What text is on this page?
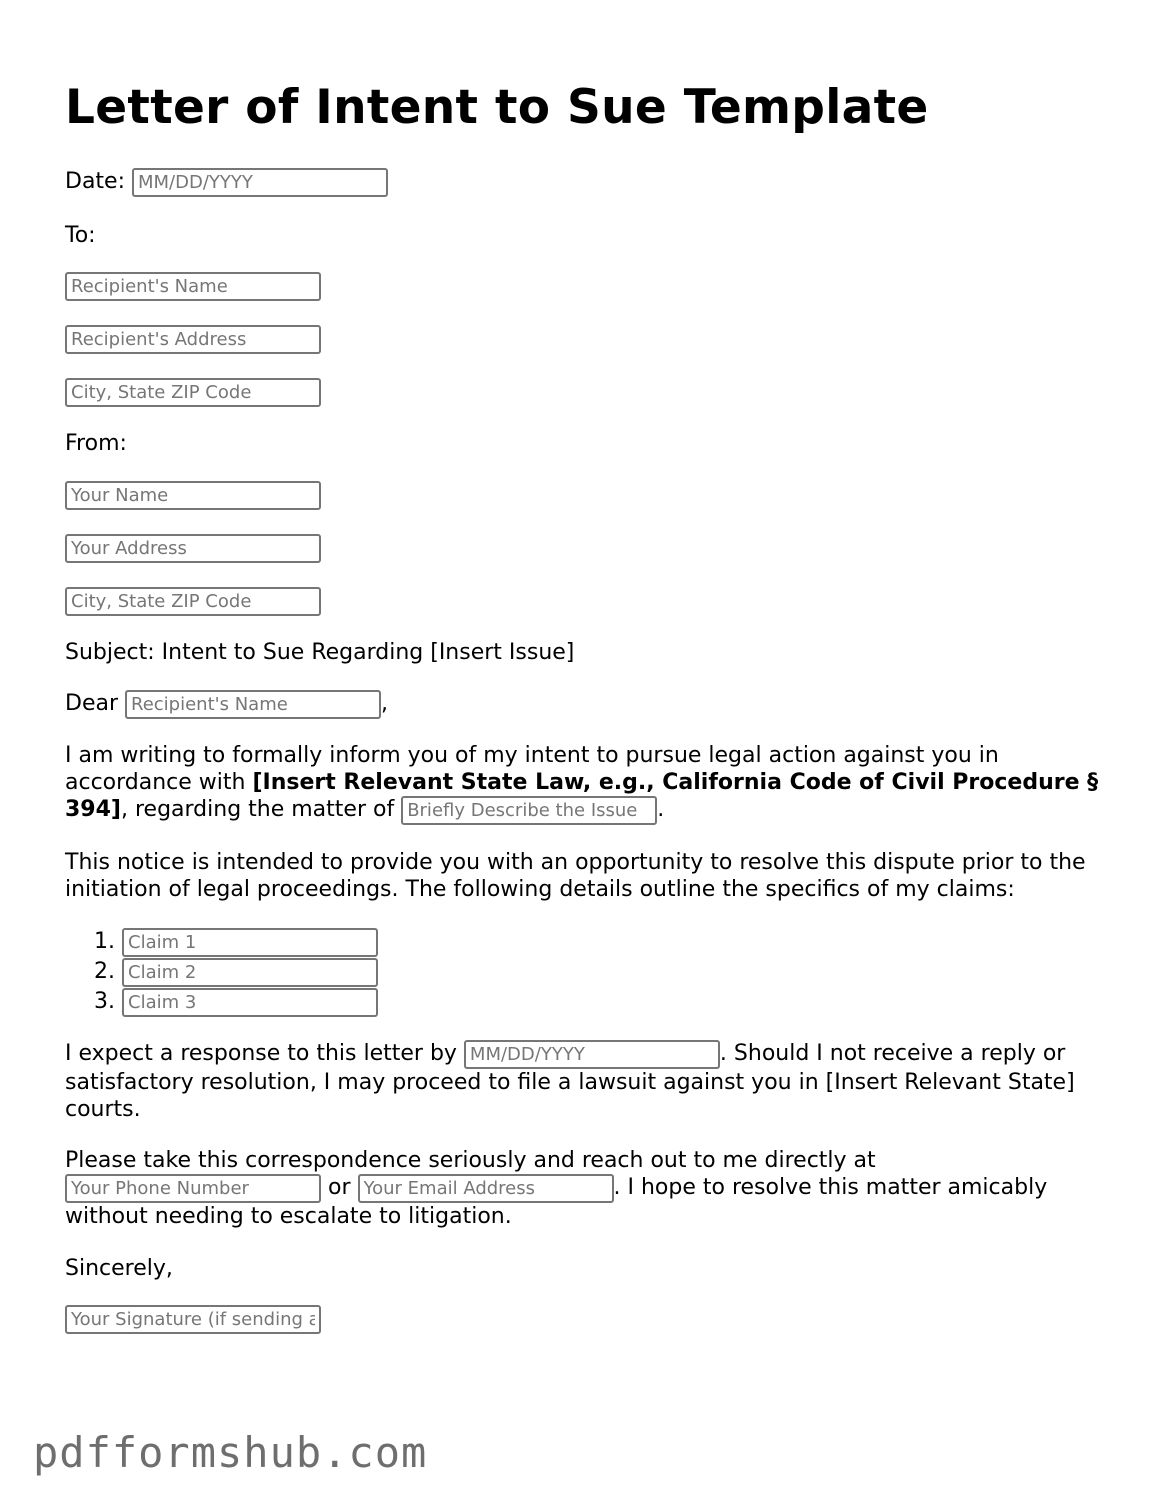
Letter of Intent to Sue Template
Date: MM/DD/YYYY
To:
Recipient's Name
Recipient's Address
City, State ZIP Code
From:
Your Name
Your Address
City, State ZIP Code
Subject: Intent to Sue Regarding [Insert Issue]
Dear Recipient's Name	,
I am writing to formally inform you of my intent to pursue legal action against you in accordance with [Insert Relevant State Law, e.g., California Code of Civil Procedure § 394], regarding the matter of Briefly Describe the Issue	.
This notice is intended to provide you with an opportunity to resolve this dispute prior to the initiation of legal proceedings. The following details outline the specifics of my claims:
1. Claim 1
2. Claim 2
3. Claim 3
I expect a response to this letter by MM/DD/YYYY	. Should I not receive a reply or satisfactory resolution, I may proceed to file a lawsuit against you in [Insert Relevant State] courts.
Please take this correspondence seriously and reach out to me directly at
Your Phone Number or Your Email Address	. I hope to resolve this matter amicably without needing to escalate to litigation.
Sincerely,
Your Signature (if sending a hard copy)
pdfformshub.com
